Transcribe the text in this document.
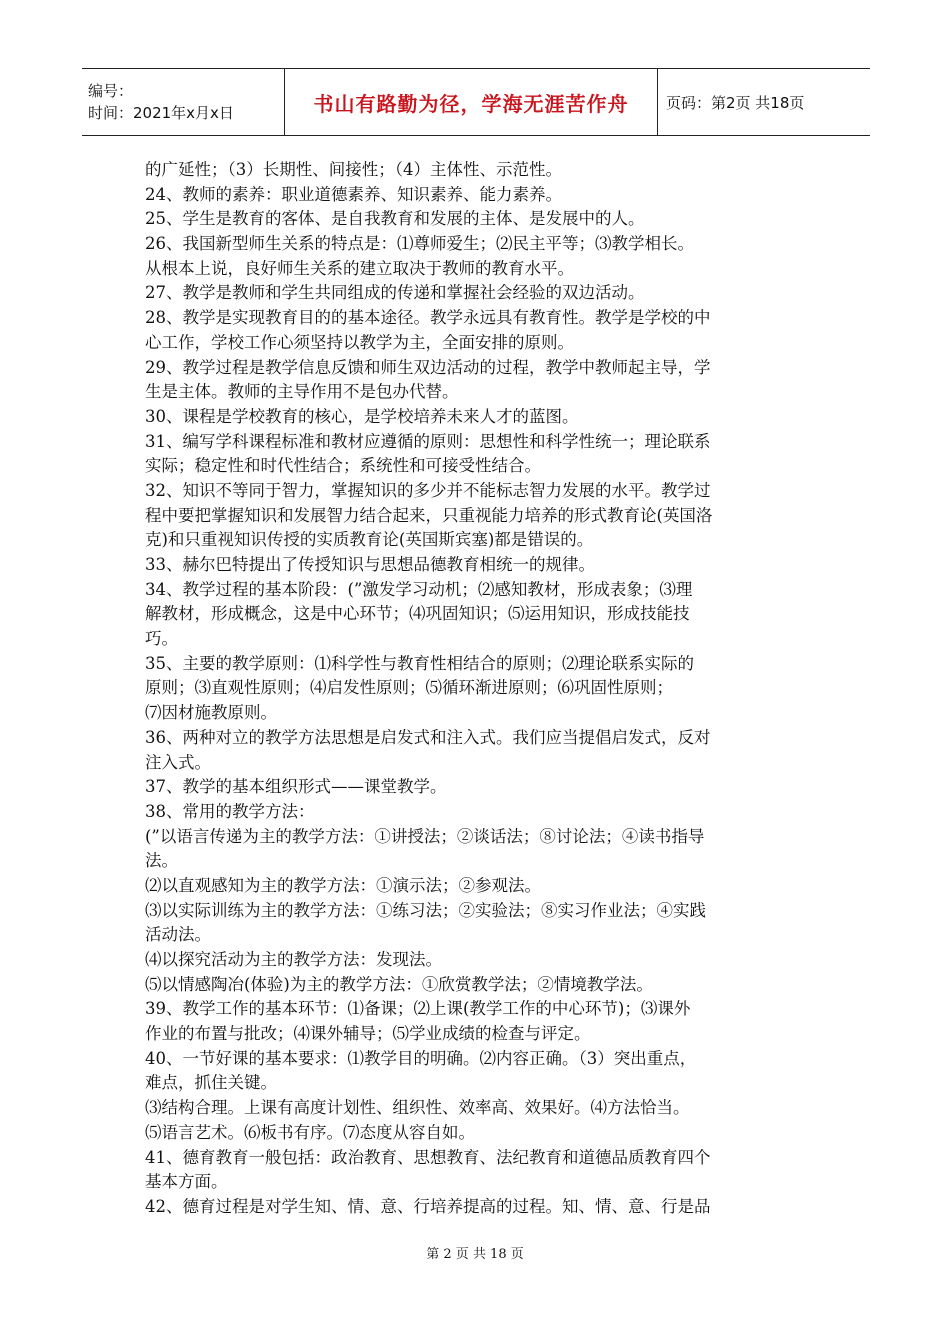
编号：
时间：2021年x月x日	书山有路勤为径，学海无涯苦作舟	页码：第2页 共18页
的广延性；（3）长期性、间接性；（4）主体性、示范性。
24、教师的素养：职业道德素养、知识素养、能力素养。
25、学生是教育的客体、是自我教育和发展的主体、是发展中的人。
26、我国新型师生关系的特点是：⑴尊师爱生；⑵民主平等；⑶教学相长。
从根本上说，良好师生关系的建立取决于教师的教育水平。
27、教学是教师和学生共同组成的传递和掌握社会经验的双边活动。
28、教学是实现教育目的的基本途径。教学永远具有教育性。教学是学校的中
心工作，学校工作心须坚持以教学为主，全面安排的原则。
29、教学过程是教学信息反馈和师生双边活动的过程，教学中教师起主导，学
生是主体。教师的主导作用不是包办代替。
30、课程是学校教育的核心，是学校培养未来人才的蓝图。
31、编写学科课程标准和教材应遵循的原则：思想性和科学性统一；理论联系
实际；稳定性和时代性结合；系统性和可接受性结合。
32、知识不等同于智力，掌握知识的多少并不能标志智力发展的水平。教学过
程中要把掌握知识和发展智力结合起来，只重视能力培养的形式教育论(英国洛
克)和只重视知识传授的实质教育论(英国斯宾塞)都是错误的。
33、赫尔巴特提出了传授知识与思想品德教育相统一的规律。
34、教学过程的基本阶段：(”激发学习动机；⑵感知教材，形成表象；⑶理
解教材，形成概念，这是中心环节；⑷巩固知识；⑸运用知识，形成技能技
巧。
35、主要的教学原则：⑴科学性与教育性相结合的原则；⑵理论联系实际的
原则；⑶直观性原则；⑷启发性原则；⑸循环渐进原则；⑹巩固性原则；
⑺因材施教原则。
36、两种对立的教学方法思想是启发式和注入式。我们应当提倡启发式，反对
注入式。
37、教学的基本组织形式——课堂教学。
38、常用的教学方法：
(”以语言传递为主的教学方法：①讲授法；②谈话法；⑧讨论法；④读书指导
法。
⑵以直观感知为主的教学方法：①演示法；②参观法。
⑶以实际训练为主的教学方法：①练习法；②实验法；⑧实习作业法；④实践
活动法。
⑷以探究活动为主的教学方法：发现法。
⑸以情感陶冶(体验)为主的教学方法：①欣赏教学法；②情境教学法。
39、教学工作的基本环节：⑴备课；⑵上课(教学工作的中心环节)；⑶课外
作业的布置与批改；⑷课外辅导；⑸学业成绩的检查与评定。
40、一节好课的基本要求：⑴教学目的明确。⑵内容正确。（3）突出重点，
难点，抓住关键。
⑶结构合理。上课有高度计划性、组织性、效率高、效果好。⑷方法恰当。
⑸语言艺术。⑹板书有序。⑺态度从容自如。
41、德育教育一般包括：政治教育、思想教育、法纪教育和道德品质教育四个
基本方面。
42、德育过程是对学生知、情、意、行培养提高的过程。知、情、意、行是品
第 2 页 共 18 页
